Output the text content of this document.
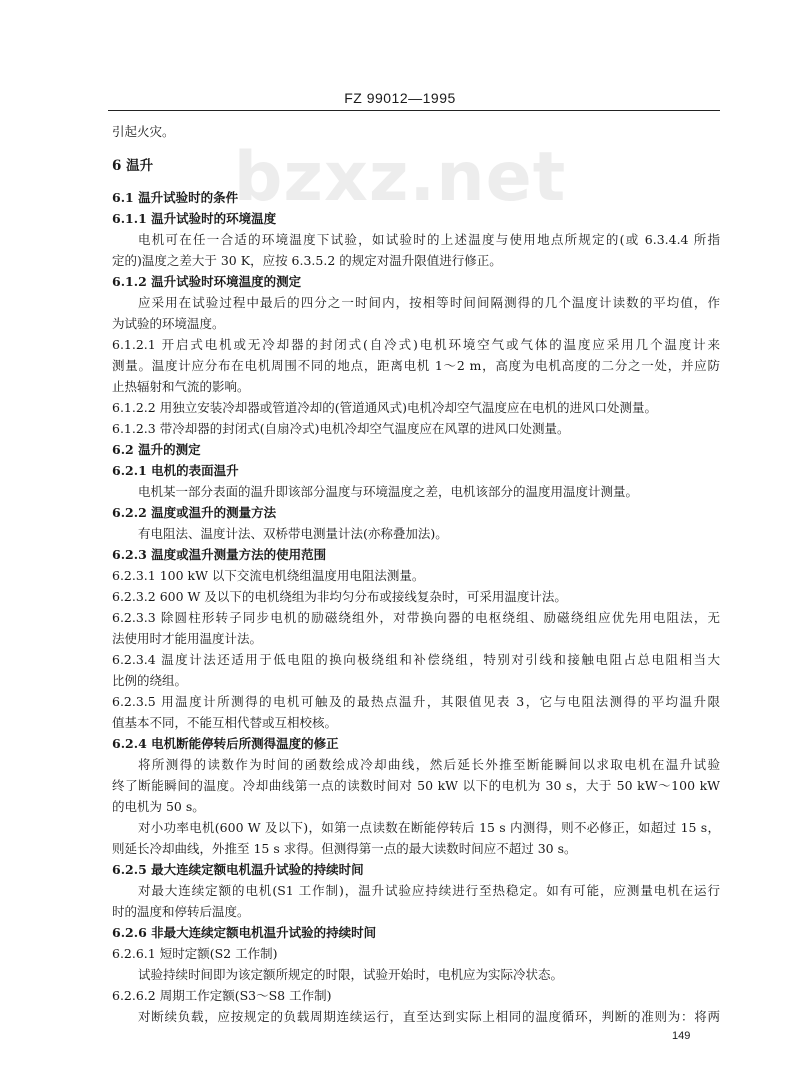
FZ 99012—1995
bzxz.net
引起火灾。
6 温升
6.1 温升试验时的条件
6.1.1 温升试验时的环境温度
电机可在任一合适的环境温度下试验，如试验时的上述温度与使用地点所规定的(或 6.3.4.4 所指
定的)温度之差大于 30 K，应按 6.3.5.2 的规定对温升限值进行修正。
6.1.2 温升试验时环境温度的测定
应采用在试验过程中最后的四分之一时间内，按相等时间间隔测得的几个温度计读数的平均值，作
为试验的环境温度。
6.1.2.1 开启式电机或无冷却器的封闭式(自冷式)电机环境空气或气体的温度应采用几个温度计来
测量。温度计应分布在电机周围不同的地点，距离电机 1～2 m，高度为电机高度的二分之一处，并应防
止热辐射和气流的影响。
6.1.2.2 用独立安装冷却器或管道冷却的(管道通风式)电机冷却空气温度应在电机的进风口处测量。
6.1.2.3 带冷却器的封闭式(自扇冷式)电机冷却空气温度应在风罩的进风口处测量。
6.2 温升的测定
6.2.1 电机的表面温升
电机某一部分表面的温升即该部分温度与环境温度之差，电机该部分的温度用温度计测量。
6.2.2 温度或温升的测量方法
有电阻法、温度计法、双桥带电测量计法(亦称叠加法)。
6.2.3 温度或温升测量方法的使用范围
6.2.3.1 100 kW 以下交流电机绕组温度用电阻法测量。
6.2.3.2 600 W 及以下的电机绕组为非均匀分布或接线复杂时，可采用温度计法。
6.2.3.3 除圆柱形转子同步电机的励磁绕组外，对带换向器的电枢绕组、励磁绕组应优先用电阻法，无
法使用时才能用温度计法。
6.2.3.4 温度计法还适用于低电阻的换向极绕组和补偿绕组，特别对引线和接触电阻占总电阻相当大
比例的绕组。
6.2.3.5 用温度计所测得的电机可触及的最热点温升，其限值见表 3，它与电阻法测得的平均温升限
值基本不同，不能互相代替或互相校核。
6.2.4 电机断能停转后所测得温度的修正
将所测得的读数作为时间的函数绘成冷却曲线，然后延长外推至断能瞬间以求取电机在温升试验
终了断能瞬间的温度。冷却曲线第一点的读数时间对 50 kW 以下的电机为 30 s，大于 50 kW～100 kW
的电机为 50 s。
对小功率电机(600 W 及以下)，如第一点读数在断能停转后 15 s 内测得，则不必修正，如超过 15 s，
则延长冷却曲线，外推至 15 s 求得。但测得第一点的最大读数时间应不超过 30 s。
6.2.5 最大连续定额电机温升试验的持续时间
对最大连续定额的电机(S1 工作制)，温升试验应持续进行至热稳定。如有可能，应测量电机在运行
时的温度和停转后温度。
6.2.6 非最大连续定额电机温升试验的持续时间
6.2.6.1 短时定额(S2 工作制)
试验持续时间即为该定额所规定的时限，试验开始时，电机应为实际冷状态。
6.2.6.2 周期工作定额(S3～S8 工作制)
对断续负载，应按规定的负载周期连续运行，直至达到实际上相同的温度循环，判断的准则为：将两
149
